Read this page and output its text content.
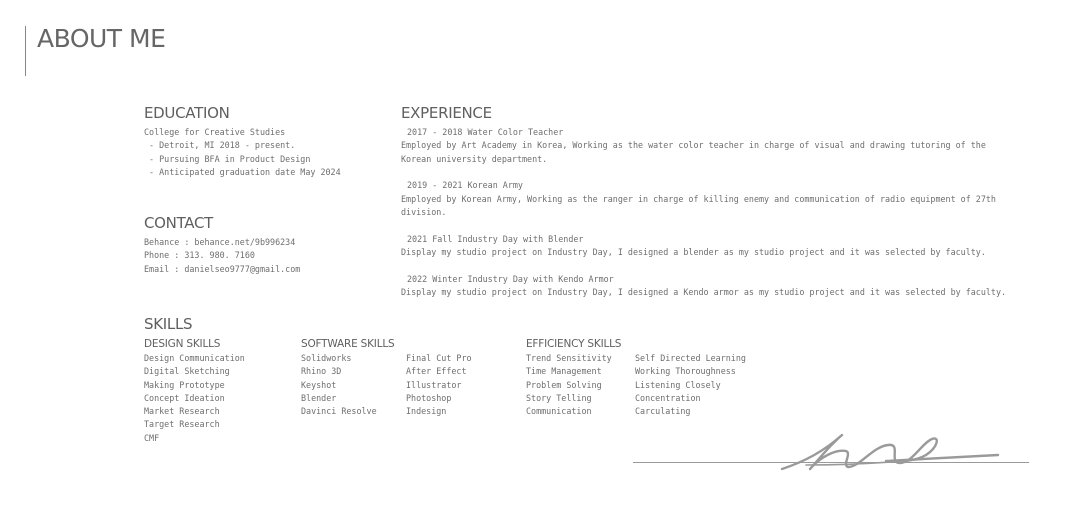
ABOUT ME
EDUCATION
College for Creative Studies
- Detroit, MI 2018 - present.
- Pursuing BFA in Product Design
- Anticipated graduation date May 2024
CONTACT
Behance : behance.net/9b996234
Phone : 313. 980. 7160
Email : danielseo9777@gmail.com
EXPERIENCE
2017 - 2018 Water Color Teacher
Employed by Art Academy in Korea, Working as the water color teacher in charge of visual and drawing tutoring of the Korean university department.
2019 - 2021 Korean Army
Employed by Korean Army, Working as the ranger in charge of killing enemy and communication of radio equipment of 27th division.
2021 Fall Industry Day with Blender
Display my studio project on Industry Day, I designed a blender as my studio project and it was selected by faculty.
2022 Winter Industry Day with Kendo Armor
Display my studio project on Industry Day, I designed a Kendo armor as my studio project and it was selected by faculty.
SKILLS
DESIGN SKILLS
Design Communication
Digital Sketching
Making Prototype
Concept Ideation
Market Research
Target Research
CMF
SOFTWARE SKILLS
Solidworks
Rhino 3D
Keyshot
Blender
Davinci Resolve
Final Cut Pro
After Effect
Illustrator
Photoshop
Indesign
EFFICIENCY SKILLS
Trend Sensitivity
Time Management
Problem Solving
Story Telling
Communication
Self Directed Learning
Working Thoroughness
Listening Closely
Concentration
Carculating
